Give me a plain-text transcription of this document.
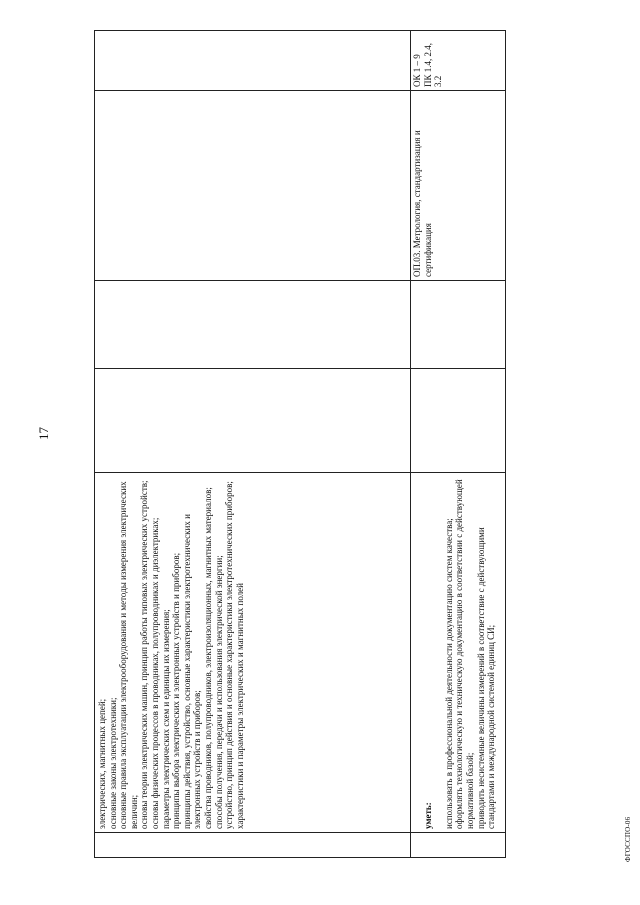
17
электрических, магнитных цепей;
основные законы электротехники;
основные правила эксплуатации электрооборудования и методы измерения электрических величин;
основы теории электрических машин, принцип работы типовых электрических устройств;
основы физических процессов в проводниках, полупроводниках и диэлектриках;
параметры электрических схем и единицы их измерения;
принципы выбора электрических и электронных устройств и приборов;
принципы действия, устройство, основные характеристики электротехнических и электронных устройств и приборов;
свойства проводников, полупроводников, электроизоляционных, магнитных материалов;
способы получения, передачи и использования электрической энергии;
устройство, принцип действия и основные характеристики электротехнических приборов;
характеристики и параметры электрических и магнитных полей

уметь: использовать в профессиональной деятельности документацию систем качества;
оформлять технологическую и техническую документацию в соответствии с действующей нормативной базой;
приводить несистемные величины измерений в соответствие с действующими стандартами и международной системой единиц СИ;

ОП.03. Метрология, стандартизация и сертификация
ОК 1 – 9
ПК 1.4, 2.4, 3.2
ФГОССПО-06
